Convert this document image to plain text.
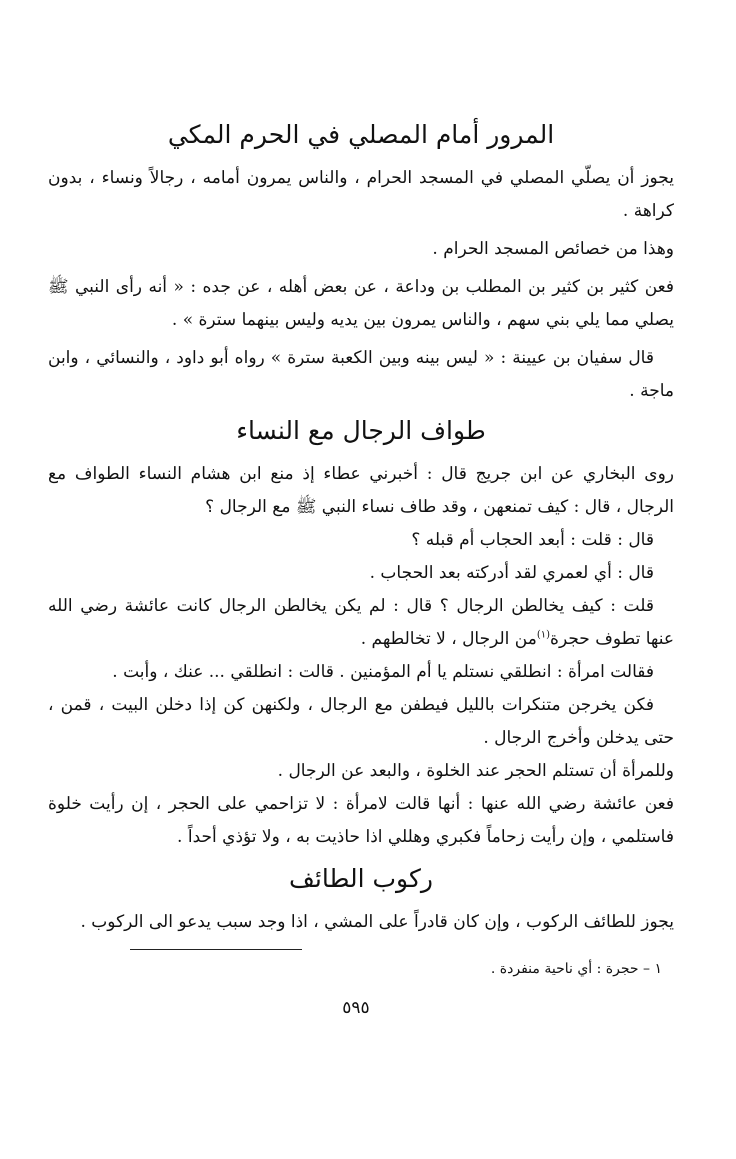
المرور أمام المصلي في الحرم المكي

يجوز أن يصلّي المصلي في المسجد الحرام ، والناس يمرون أمامه ، رجالاً ونساء ، بدون كراهة .

وهذا من خصائص المسجد الحرام .

فعن كثير بن كثير بن المطلب بن وداعة ، عن بعض أهله ، عن جده : « أنه رأى النبي ﷺ يصلي مما يلي بني سهم ، والناس يمرون بين يديه وليس بينهما سترة » .

قال سفيان بن عيينة : « ليس بينه وبين الكعبة سترة » رواه أبو داود ، والنسائي ، وابن ماجة .

طواف الرجال مع النساء

روى البخاري عن ابن جريج قال : أخبرني عطاء إذ منع ابن هشام النساء الطواف مع الرجال ، قال : كيف تمنعهن ، وقد طاف نساء النبي ﷺ مع الرجال ؟

قال : قلت : أبعد الحجاب أم قبله ؟

قال : أي لعمري لقد أدركته بعد الحجاب .

قلت : كيف يخالطن الرجال ؟ قال : لم يكن يخالطن الرجال كانت عائشة رضي الله عنها تطوف حجرة$^{(١)}$من الرجال ، لا تخالطهم .

فقالت امرأة : انطلقي نستلم يا أم المؤمنين . قالت : انطلقي ... عنك ، وأبت .

فكن يخرجن متنكرات بالليل فيطفن مع الرجال ، ولكنهن كن إذا دخلن البيت ، قمن ، حتى يدخلن وأخرج الرجال .

وللمرأة أن تستلم الحجر عند الخلوة ، والبعد عن الرجال .

فعن عائشة رضي الله عنها : أنها قالت لامرأة : لا تزاحمي على الحجر ، إن رأيت خلوة فاستلمي ، وإن رأيت زحاماً فكبري وهللي اذا حاذيت به ، ولا تؤذي أحداً .

ركوب الطائف

يجوز للطائف الركوب ، وإن كان قادراً على المشي ، اذا وجد سبب يدعو الى الركوب .

١ – حجرة : أي ناحية منفردة .

٥٩٥
